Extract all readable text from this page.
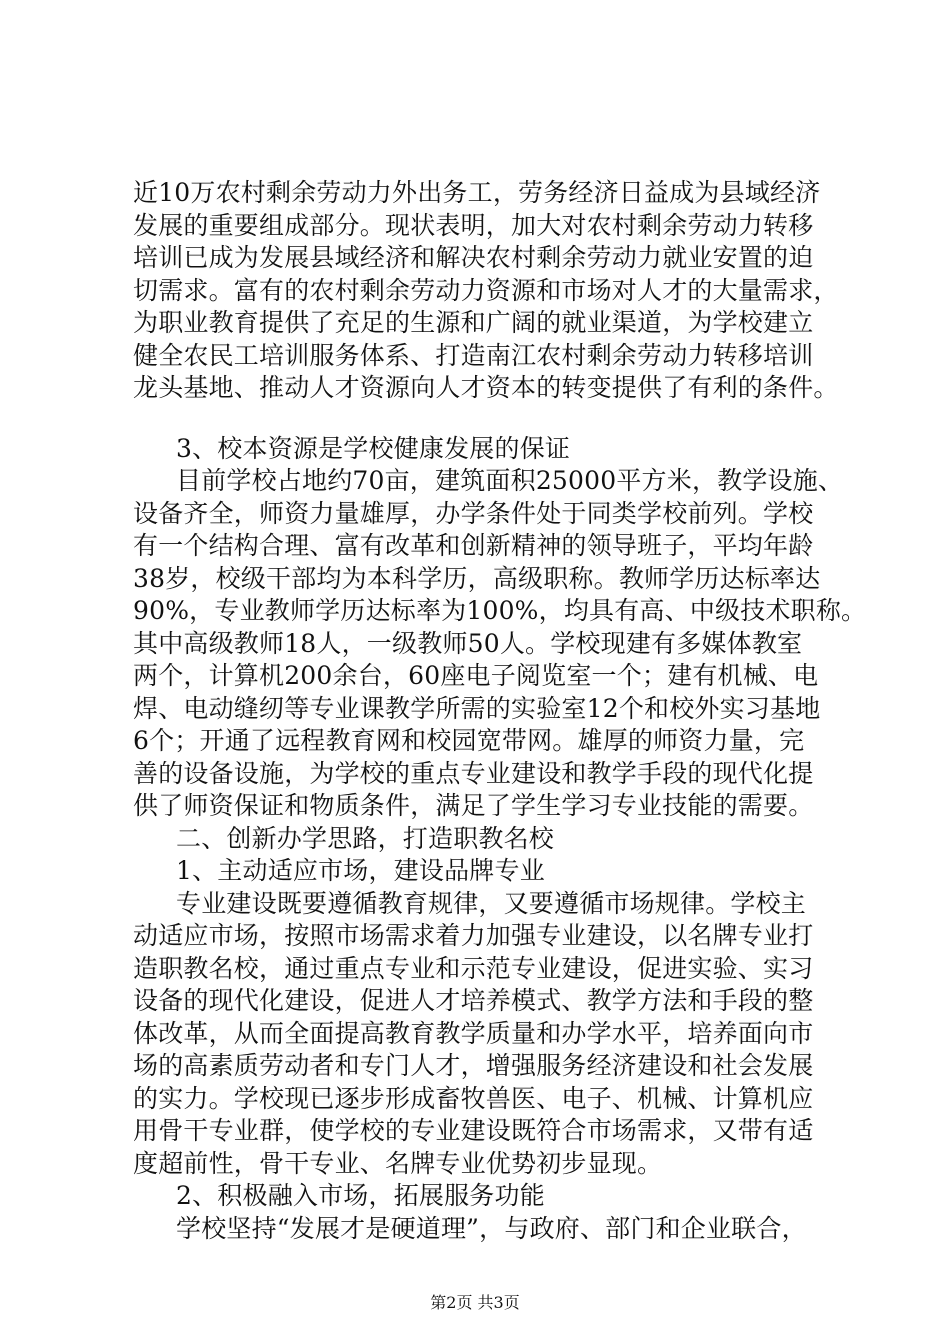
近10万农村剩余劳动力外出务工，劳务经济日益成为县域经济
发展的重要组成部分。现状表明，加大对农村剩余劳动力转移
培训已成为发展县域经济和解决农村剩余劳动力就业安置的迫
切需求。富有的农村剩余劳动力资源和市场对人才的大量需求，
为职业教育提供了充足的生源和广阔的就业渠道，为学校建立
健全农民工培训服务体系、打造南江农村剩余劳动力转移培训
龙头基地、推动人才资源向人才资本的转变提供了有利的条件。
3、校本资源是学校健康发展的保证
目前学校占地约70亩，建筑面积25000平方米，教学设施、
设备齐全，师资力量雄厚，办学条件处于同类学校前列。学校
有一个结构合理、富有改革和创新精神的领导班子，平均年龄
38岁，校级干部均为本科学历，高级职称。教师学历达标率达
90%，专业教师学历达标率为100%，均具有高、中级技术职称。
其中高级教师18人，一级教师50人。学校现建有多媒体教室
两个，计算机200余台，60座电子阅览室一个；建有机械、电
焊、电动缝纫等专业课教学所需的实验室12个和校外实习基地
6个；开通了远程教育网和校园宽带网。雄厚的师资力量，完
善的设备设施，为学校的重点专业建设和教学手段的现代化提
供了师资保证和物质条件，满足了学生学习专业技能的需要。
二、创新办学思路，打造职教名校
1、主动适应市场，建设品牌专业
专业建设既要遵循教育规律，又要遵循市场规律。学校主
动适应市场，按照市场需求着力加强专业建设，以名牌专业打
造职教名校，通过重点专业和示范专业建设，促进实验、实习
设备的现代化建设，促进人才培养模式、教学方法和手段的整
体改革，从而全面提高教育教学质量和办学水平，培养面向市
场的高素质劳动者和专门人才，增强服务经济建设和社会发展
的实力。学校现已逐步形成畜牧兽医、电子、机械、计算机应
用骨干专业群，使学校的专业建设既符合市场需求，又带有适
度超前性，骨干专业、名牌专业优势初步显现。
2、积极融入市场，拓展服务功能
学校坚持“发展才是硬道理”，与政府、部门和企业联合，
第2页 共3页
